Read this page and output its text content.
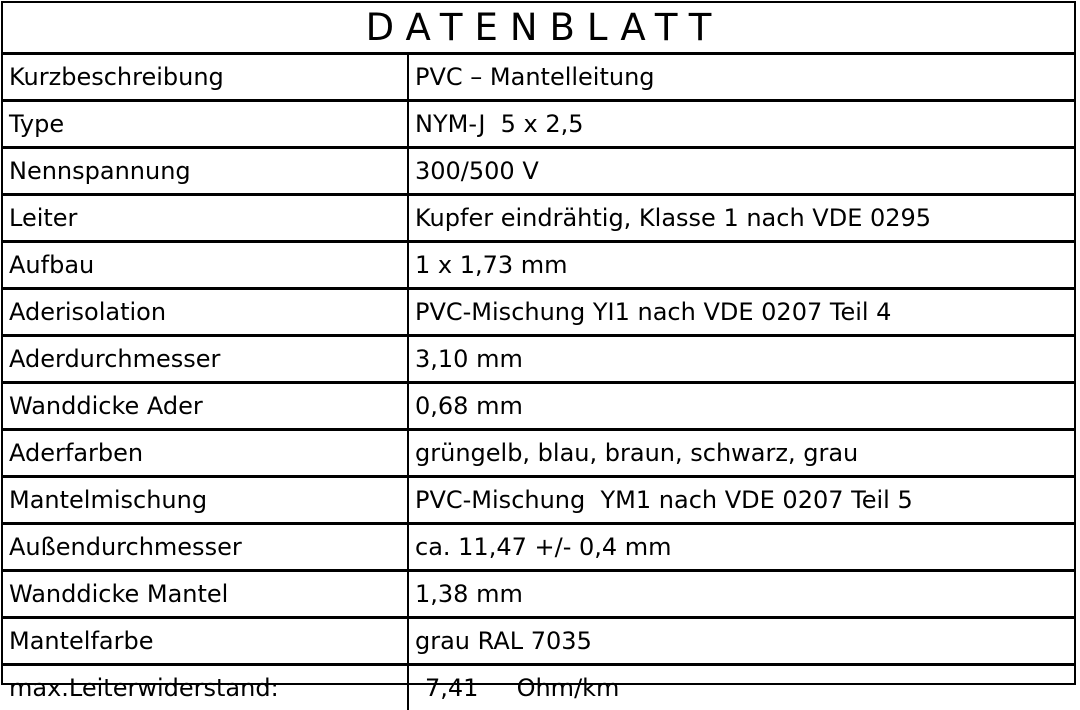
DATENBLATT
Kurzbeschreibung	PVC – Mantelleitung
Type	NYM-J  5 x 2,5
Nennspannung	300/500 V
Leiter	Kupfer eindrähtig, Klasse 1 nach VDE 0295
Aufbau	1 x 1,73 mm
Aderisolation	PVC-Mischung YI1 nach VDE 0207 Teil 4
Aderdurchmesser	3,10 mm
Wanddicke Ader	0,68 mm
Aderfarben	grüngelb, blau, braun, schwarz, grau
Mantelmischung	PVC-Mischung  YM1 nach VDE 0207 Teil 5
Außendurchmesser	ca. 11,47 +/- 0,4 mm
Wanddicke Mantel	1,38 mm
Mantelfarbe	grau RAL 7035
max.Leiterwiderstand:	7,41     Ohm/km
